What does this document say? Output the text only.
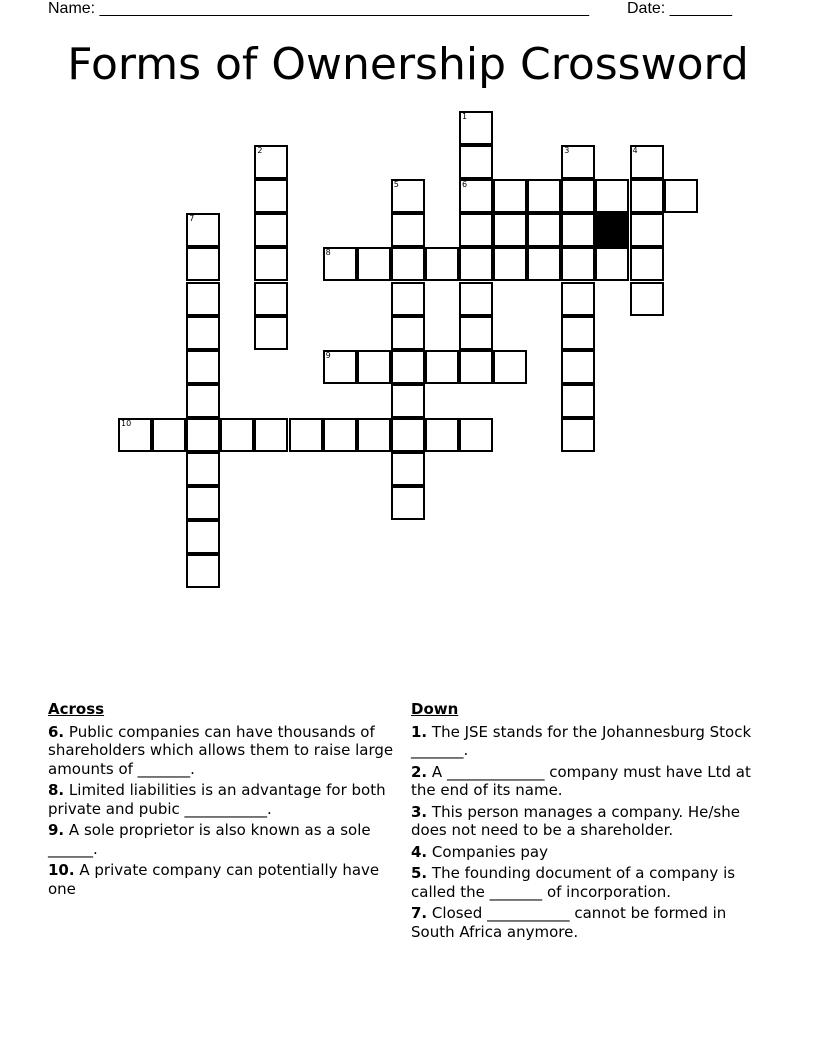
Name: _______________________________________________________ Date: _______
Forms of Ownership Crossword
6
8
9
10
1
2	3	4
5
7
Across
6. Public companies can have thousands of shareholders which allows them to raise large amounts of _______.
8. Limited liabilities is an advantage for both private and pubic ___________.
9. A sole proprietor is also known as a sole ______.
10. A private company can potentially have one
Down
1. The JSE stands for the Johannesburg Stock _______.
2. A _____________ company must have Ltd at the end of its name.
3. This person manages a company. He/she does not need to be a shareholder.
4. Companies pay
5. The founding document of a company is called the _______ of incorporation.
7. Closed ___________ cannot be formed in South Africa anymore.
